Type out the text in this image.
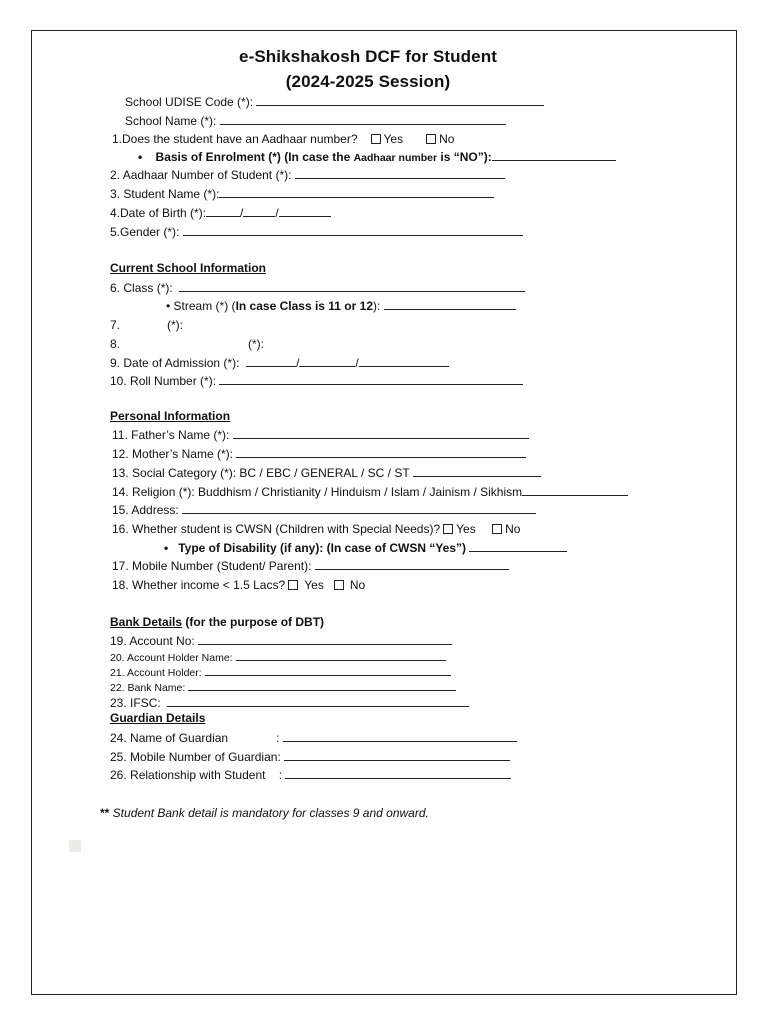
e-Shikshakosh DCF for Student
(2024-2025 Session)
School UDISE Code (*):
School Name (*):
1.Does the student have an Aadhaar number? Yes	No
•    Basis of Enrolment (*) (In case the Aadhaar number is “NO”):
2. Aadhaar Number of Student (*):
3. Student Name (*):
4.Date of Birth (*):	/	/
5.Gender (*):
Current School Information
6. Class (*):
• Stream (*) (In case Class is 11 or 12):
7.	(*):
8.	(*):
9. Date of Admission (*):	/	/
10. Roll Number (*):
Personal Information
11. Father’s Name (*):
12. Mother’s Name (*):
13. Social Category (*): BC / EBC / GENERAL / SC / ST
14. Religion (*): Buddhism / Christianity / Hinduism / Islam / Jainism / Sikhism
15. Address:
16. Whether student is CWSN (Children with Special Needs)? Yes No
•   Type of Disability (if any): (In case of CWSN “Yes”)
17. Mobile Number (Student/ Parent):
18. Whether income < 1.5 Lacs? Yes No
Bank Details (for the purpose of DBT)
19. Account No:
20. Account Holder Name:
21. Account Holder:
22. Bank Name:
23. IFSC:
Guardian Details
24. Name of Guardian	:
25. Mobile Number of Guardian:
26. Relationship with Student    :
** Student Bank detail is mandatory for classes 9 and onward.
